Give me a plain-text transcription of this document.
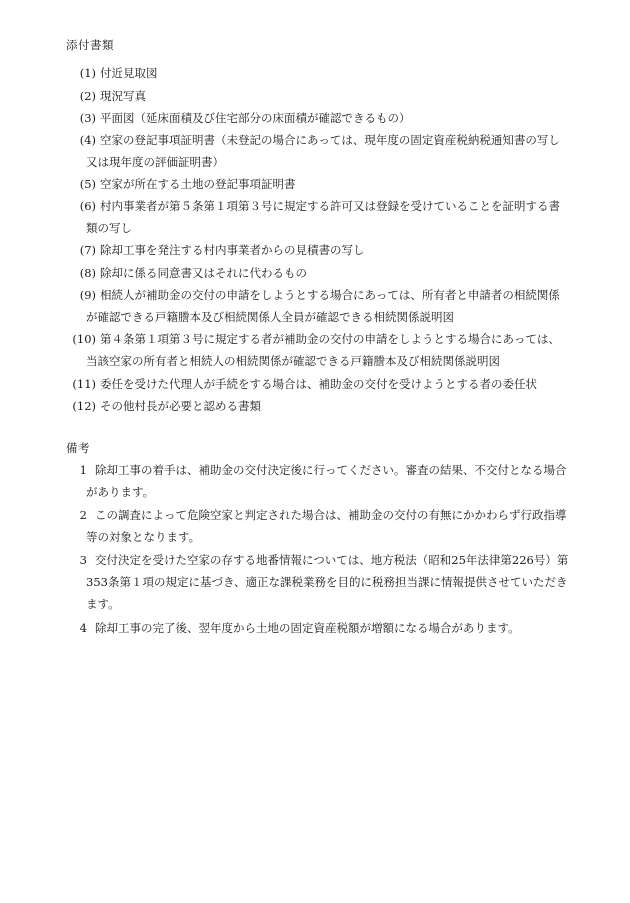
添付書類
(1) 付近見取図
(2) 現況写真
(3) 平面図（延床面積及び住宅部分の床面積が確認できるもの）
(4) 空家の登記事項証明書（未登記の場合にあっては、現年度の固定資産税納税通知書の写し
又は現年度の評価証明書）
(5) 空家が所在する土地の登記事項証明書
(6) 村内事業者が第５条第１項第３号に規定する許可又は登録を受けていることを証明する書
類の写し
(7) 除却工事を発注する村内事業者からの見積書の写し
(8) 除却に係る同意書又はそれに代わるもの
(9) 相続人が補助金の交付の申請をしようとする場合にあっては、所有者と申請者の相続関係
が確認できる戸籍謄本及び相続関係人全員が確認できる相続関係説明図
(10) 第４条第１項第３号に規定する者が補助金の交付の申請をしようとする場合にあっては、
当該空家の所有者と相続人の相続関係が確認できる戸籍謄本及び相続関係説明図
(11) 委任を受けた代理人が手続をする場合は、補助金の交付を受けようとする者の委任状
(12) その他村長が必要と認める書類
備考
1 除却工事の着手は、補助金の交付決定後に行ってください。審査の結果、不交付となる場合
があります。
2 この調査によって危険空家と判定された場合は、補助金の交付の有無にかかわらず行政指導
等の対象となります。
3 交付決定を受けた空家の存する地番情報については、地方税法（昭和25年法律第226号）第
353条第１項の規定に基づき、適正な課税業務を目的に税務担当課に情報提供させていただき
ます。
4 除却工事の完了後、翌年度から土地の固定資産税額が増額になる場合があります。
